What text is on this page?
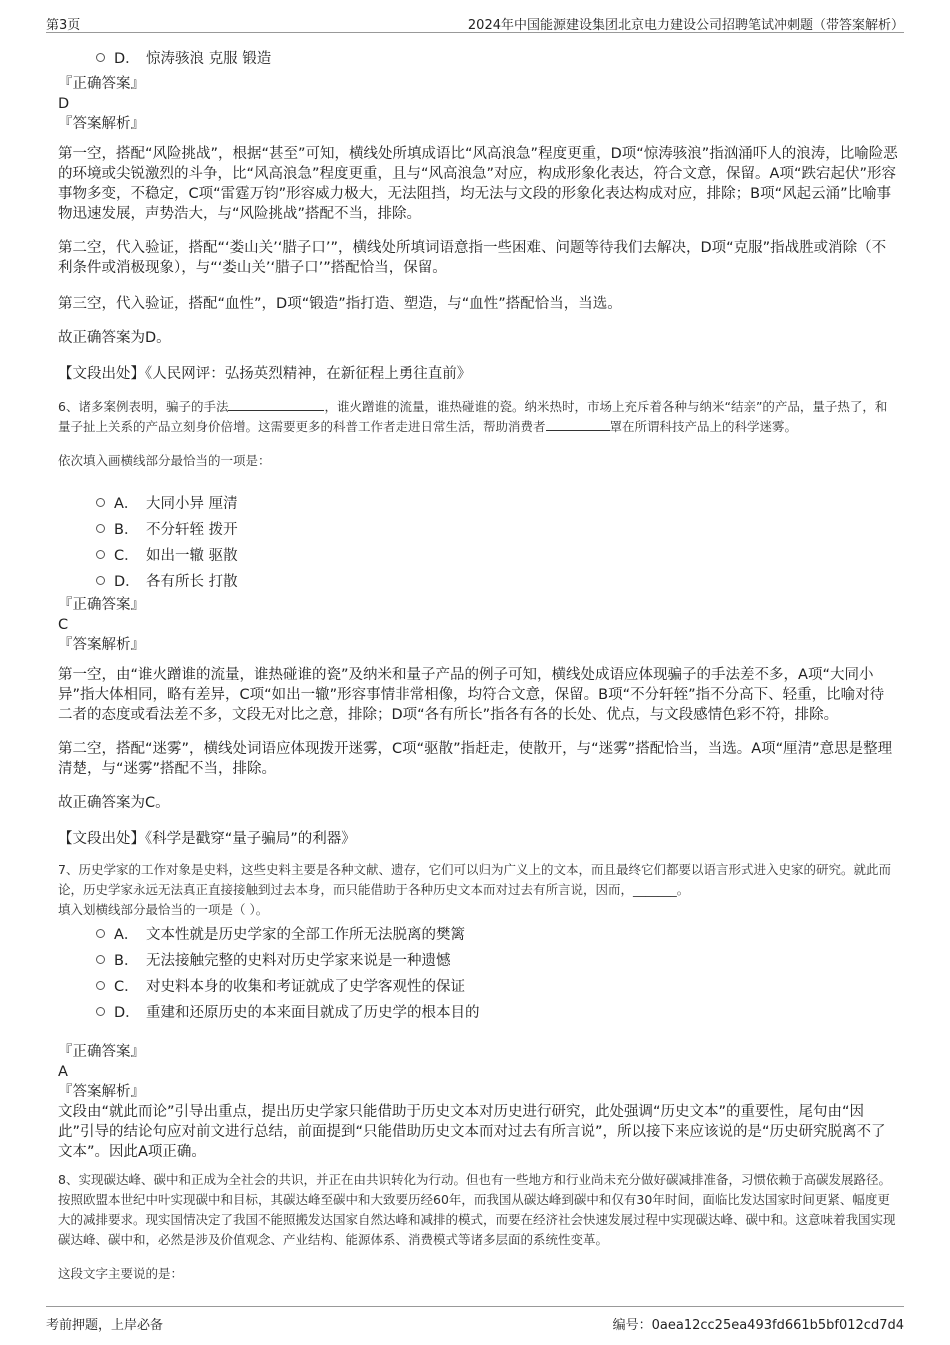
第3页	2024年中国能源建设集团北京电力建设公司招聘笔试冲刺题（带答案解析）
D． 惊涛骇浪 克服 锻造
『正确答案』
D
『答案解析』
第一空，搭配“风险挑战”，根据“甚至”可知，横线处所填成语比“风高浪急”程度更重，D项“惊涛骇浪”指汹涌吓人的浪涛，比喻险恶的环境或尖锐激烈的斗争，比“风高浪急”程度更重，且与“风高浪急”对应，构成形象化表达，符合文意，保留。A项“跌宕起伏”形容事物多变，不稳定，C项“雷霆万钧”形容威力极大，无法阻挡，均无法与文段的形象化表达构成对应，排除；B项“风起云涌”比喻事物迅速发展，声势浩大，与“风险挑战”搭配不当，排除。
第二空，代入验证，搭配“‘娄山关’‘腊子口’”，横线处所填词语意指一些困难、问题等待我们去解决，D项“克服”指战胜或消除（不利条件或消极现象），与“‘娄山关’‘腊子口’”搭配恰当，保留。
第三空，代入验证，搭配“血性”，D项“锻造”指打造、塑造，与“血性”搭配恰当，当选。
故正确答案为D。
【文段出处】《人民网评：弘扬英烈精神，在新征程上勇往直前》
6、诸多案例表明，骗子的手法	，谁火蹭谁的流量，谁热碰谁的瓷。纳米热时，市场上充斥着各种与纳米“结亲”的产品，量子热了，和量子扯上关系的产品立刻身价倍增。这需要更多的科普工作者走进日常生活，帮助消费者	罩在所谓科技产品上的科学迷雾。
依次填入画横线部分最恰当的一项是：
A． 大同小异 厘清
B． 不分轩轾 拨开
C． 如出一辙 驱散
D． 各有所长 打散
『正确答案』
C
『答案解析』
第一空，由“谁火蹭谁的流量，谁热碰谁的瓷”及纳米和量子产品的例子可知，横线处成语应体现骗子的手法差不多，A项“大同小异”指大体相同，略有差异，C项“如出一辙”形容事情非常相像，均符合文意，保留。B项“不分轩轾”指不分高下、轻重，比喻对待二者的态度或看法差不多，文段无对比之意，排除；D项“各有所长”指各有各的长处、优点，与文段感情色彩不符，排除。
第二空，搭配“迷雾”，横线处词语应体现拨开迷雾，C项“驱散”指赶走，使散开，与“迷雾”搭配恰当，当选。A项“厘清”意思是整理清楚，与“迷雾”搭配不当，排除。
故正确答案为C。
【文段出处】《科学是戳穿“量子骗局”的利器》
7、历史学家的工作对象是史料，这些史料主要是各种文献、遗存，它们可以归为广义上的文本，而且最终它们都要以语言形式进入史家的研究。就此而论，历史学家永远无法真正直接接触到过去本身，而只能借助于各种历史文本而对过去有所言说，因而，_______。
填入划横线部分最恰当的一项是（ ）。
A． 文本性就是历史学家的全部工作所无法脱离的樊篱
B． 无法接触完整的史料对历史学家来说是一种遗憾
C． 对史料本身的收集和考证就成了史学客观性的保证
D． 重建和还原历史的本来面目就成了历史学的根本目的
『正确答案』
A
『答案解析』
文段由“就此而论”引导出重点，提出历史学家只能借助于历史文本对历史进行研究，此处强调“历史文本”的重要性，尾句由“因此”引导的结论句应对前文进行总结，前面提到“只能借助历史文本而对过去有所言说”，所以接下来应该说的是“历史研究脱离不了文本”。因此A项正确。
8、实现碳达峰、碳中和正成为全社会的共识，并正在由共识转化为行动。但也有一些地方和行业尚未充分做好碳减排准备，习惯依赖于高碳发展路径。按照欧盟本世纪中叶实现碳中和目标，其碳达峰至碳中和大致要历经60年，而我国从碳达峰到碳中和仅有30年时间，面临比发达国家时间更紧、幅度更大的减排要求。现实国情决定了我国不能照搬发达国家自然达峰和减排的模式，而要在经济社会快速发展过程中实现碳达峰、碳中和。这意味着我国实现碳达峰、碳中和，必然是涉及价值观念、产业结构、能源体系、消费模式等诸多层面的系统性变革。
这段文字主要说的是：
考前押题，上岸必备	编号：0aea12cc25ea493fd661b5bf012cd7d4
